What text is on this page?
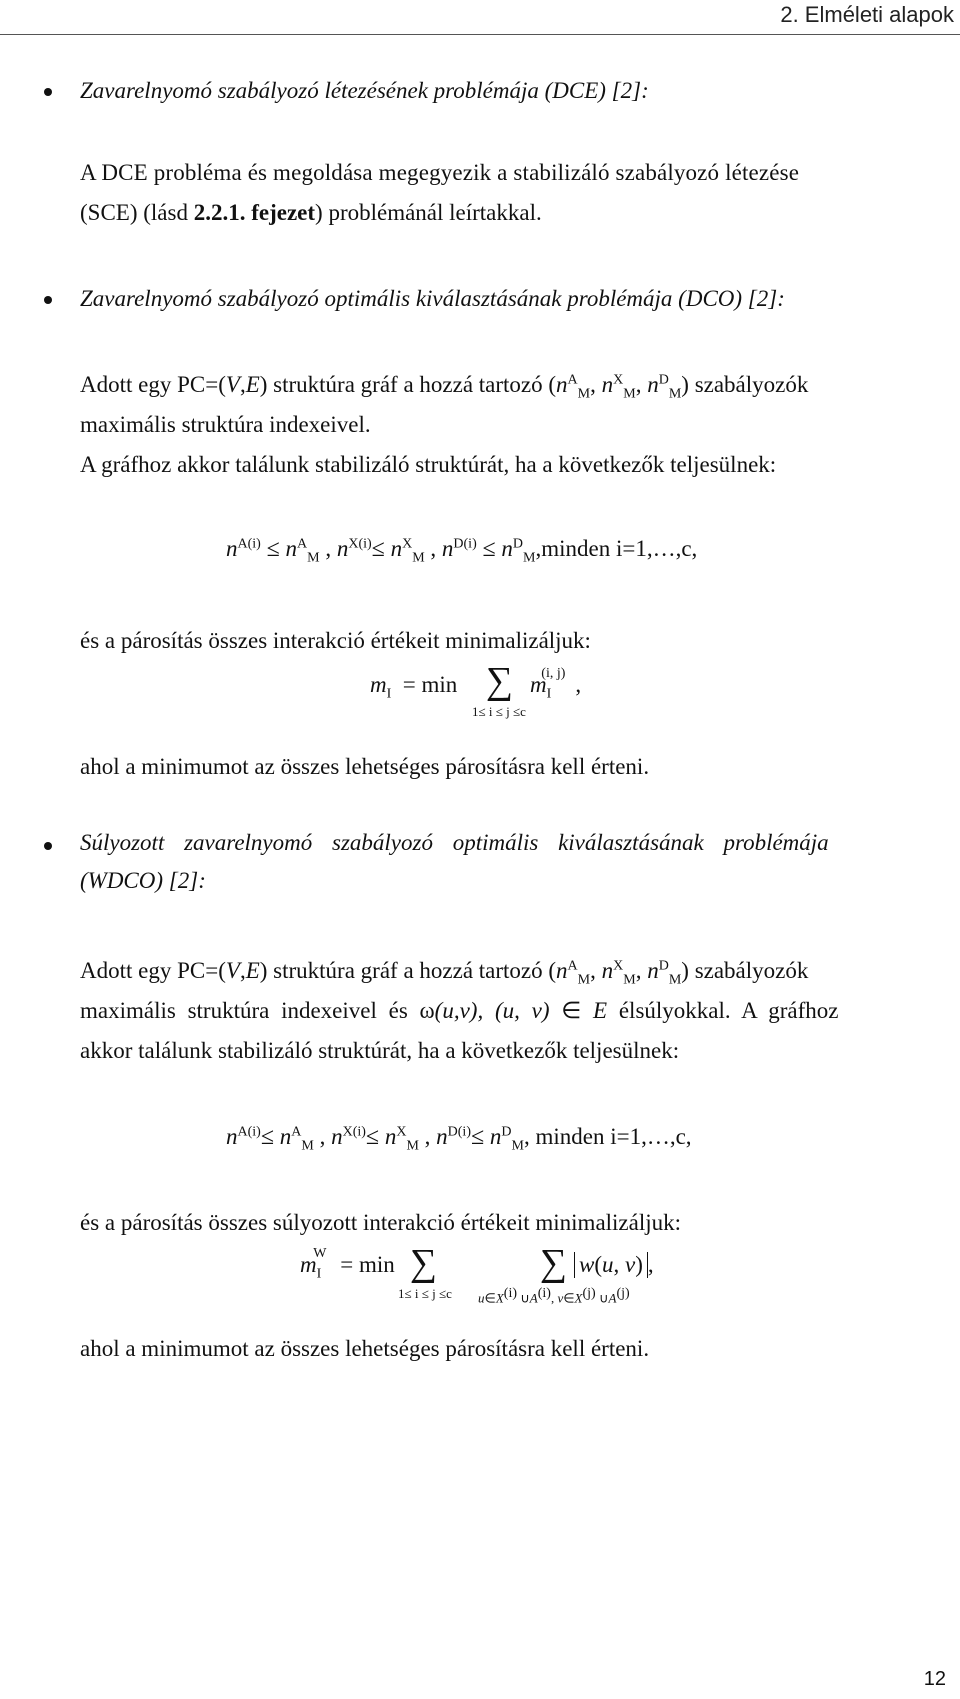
2. Elméleti alapok
Zavarelnyomó szabályozó létezésének problémája (DCE) [2]:
A DCE probléma és megoldása megegyezik a stabilizáló szabályozó létezése
(SCE) (lásd 2.2.1. fejezet) problémánál leírtakkal.
Zavarelnyomó szabályozó optimális kiválasztásának problémája (DCO) [2]:
Adott egy PC=(V,E) struktúra gráf a hozzá tartozó ($n^A_M$, $n^X_M$, $n^D_M$) szabályozók
maximális struktúra indexeivel.
A gráfhoz akkor találunk stabilizáló struktúrát, ha a következők teljesülnek:
$n^{A(i)} \le n^A_M$ , $n^{X(i)}\le n^X_M$ , $n^{D(i)}$ ≤ $n^D_M,minden$ i=1,…,c,
és a párosítás összes interakció értékeit minimalizáljuk:
$m_I = \min$ ∑ $m_I^{(i, j)}$ ,
1≤ i ≤ j ≤c
ahol a minimumot az összes lehetséges párosításra kell érteni.
Súlyozott zavarelnyomó szabályozó optimális kiválasztásának problémája
(WDCO) [2]:
Adott egy PC=(V,E) struktúra gráf a hozzá tartozó ($n^A_M$, $n^X_M$, $n^D_M$) szabályozók
maximális struktúra indexeivel és ω(u,v), (u, v) ∈ E élsúlyokkal. A gráfhoz
akkor találunk stabilizáló struktúrát, ha a következők teljesülnek:
$n^{A(i)}\le n^A_M$ , $n^{X(i)}\le n^X_M$ , $n^{D(i)}\le n^D_M$, minden i=1,…,c,
és a párosítás összes súlyozott interakció értékeit minimalizáljuk:
$m_I^W = \min$ ∑	∑ w(u, v) ,
1≤ i ≤ j ≤c $u\in X^{(i)}$ $\cup A^{(i)}$, $v\in X^{(j)}$ $\cup A^{(j)}$
ahol a minimumot az összes lehetséges párosításra kell érteni.
12
